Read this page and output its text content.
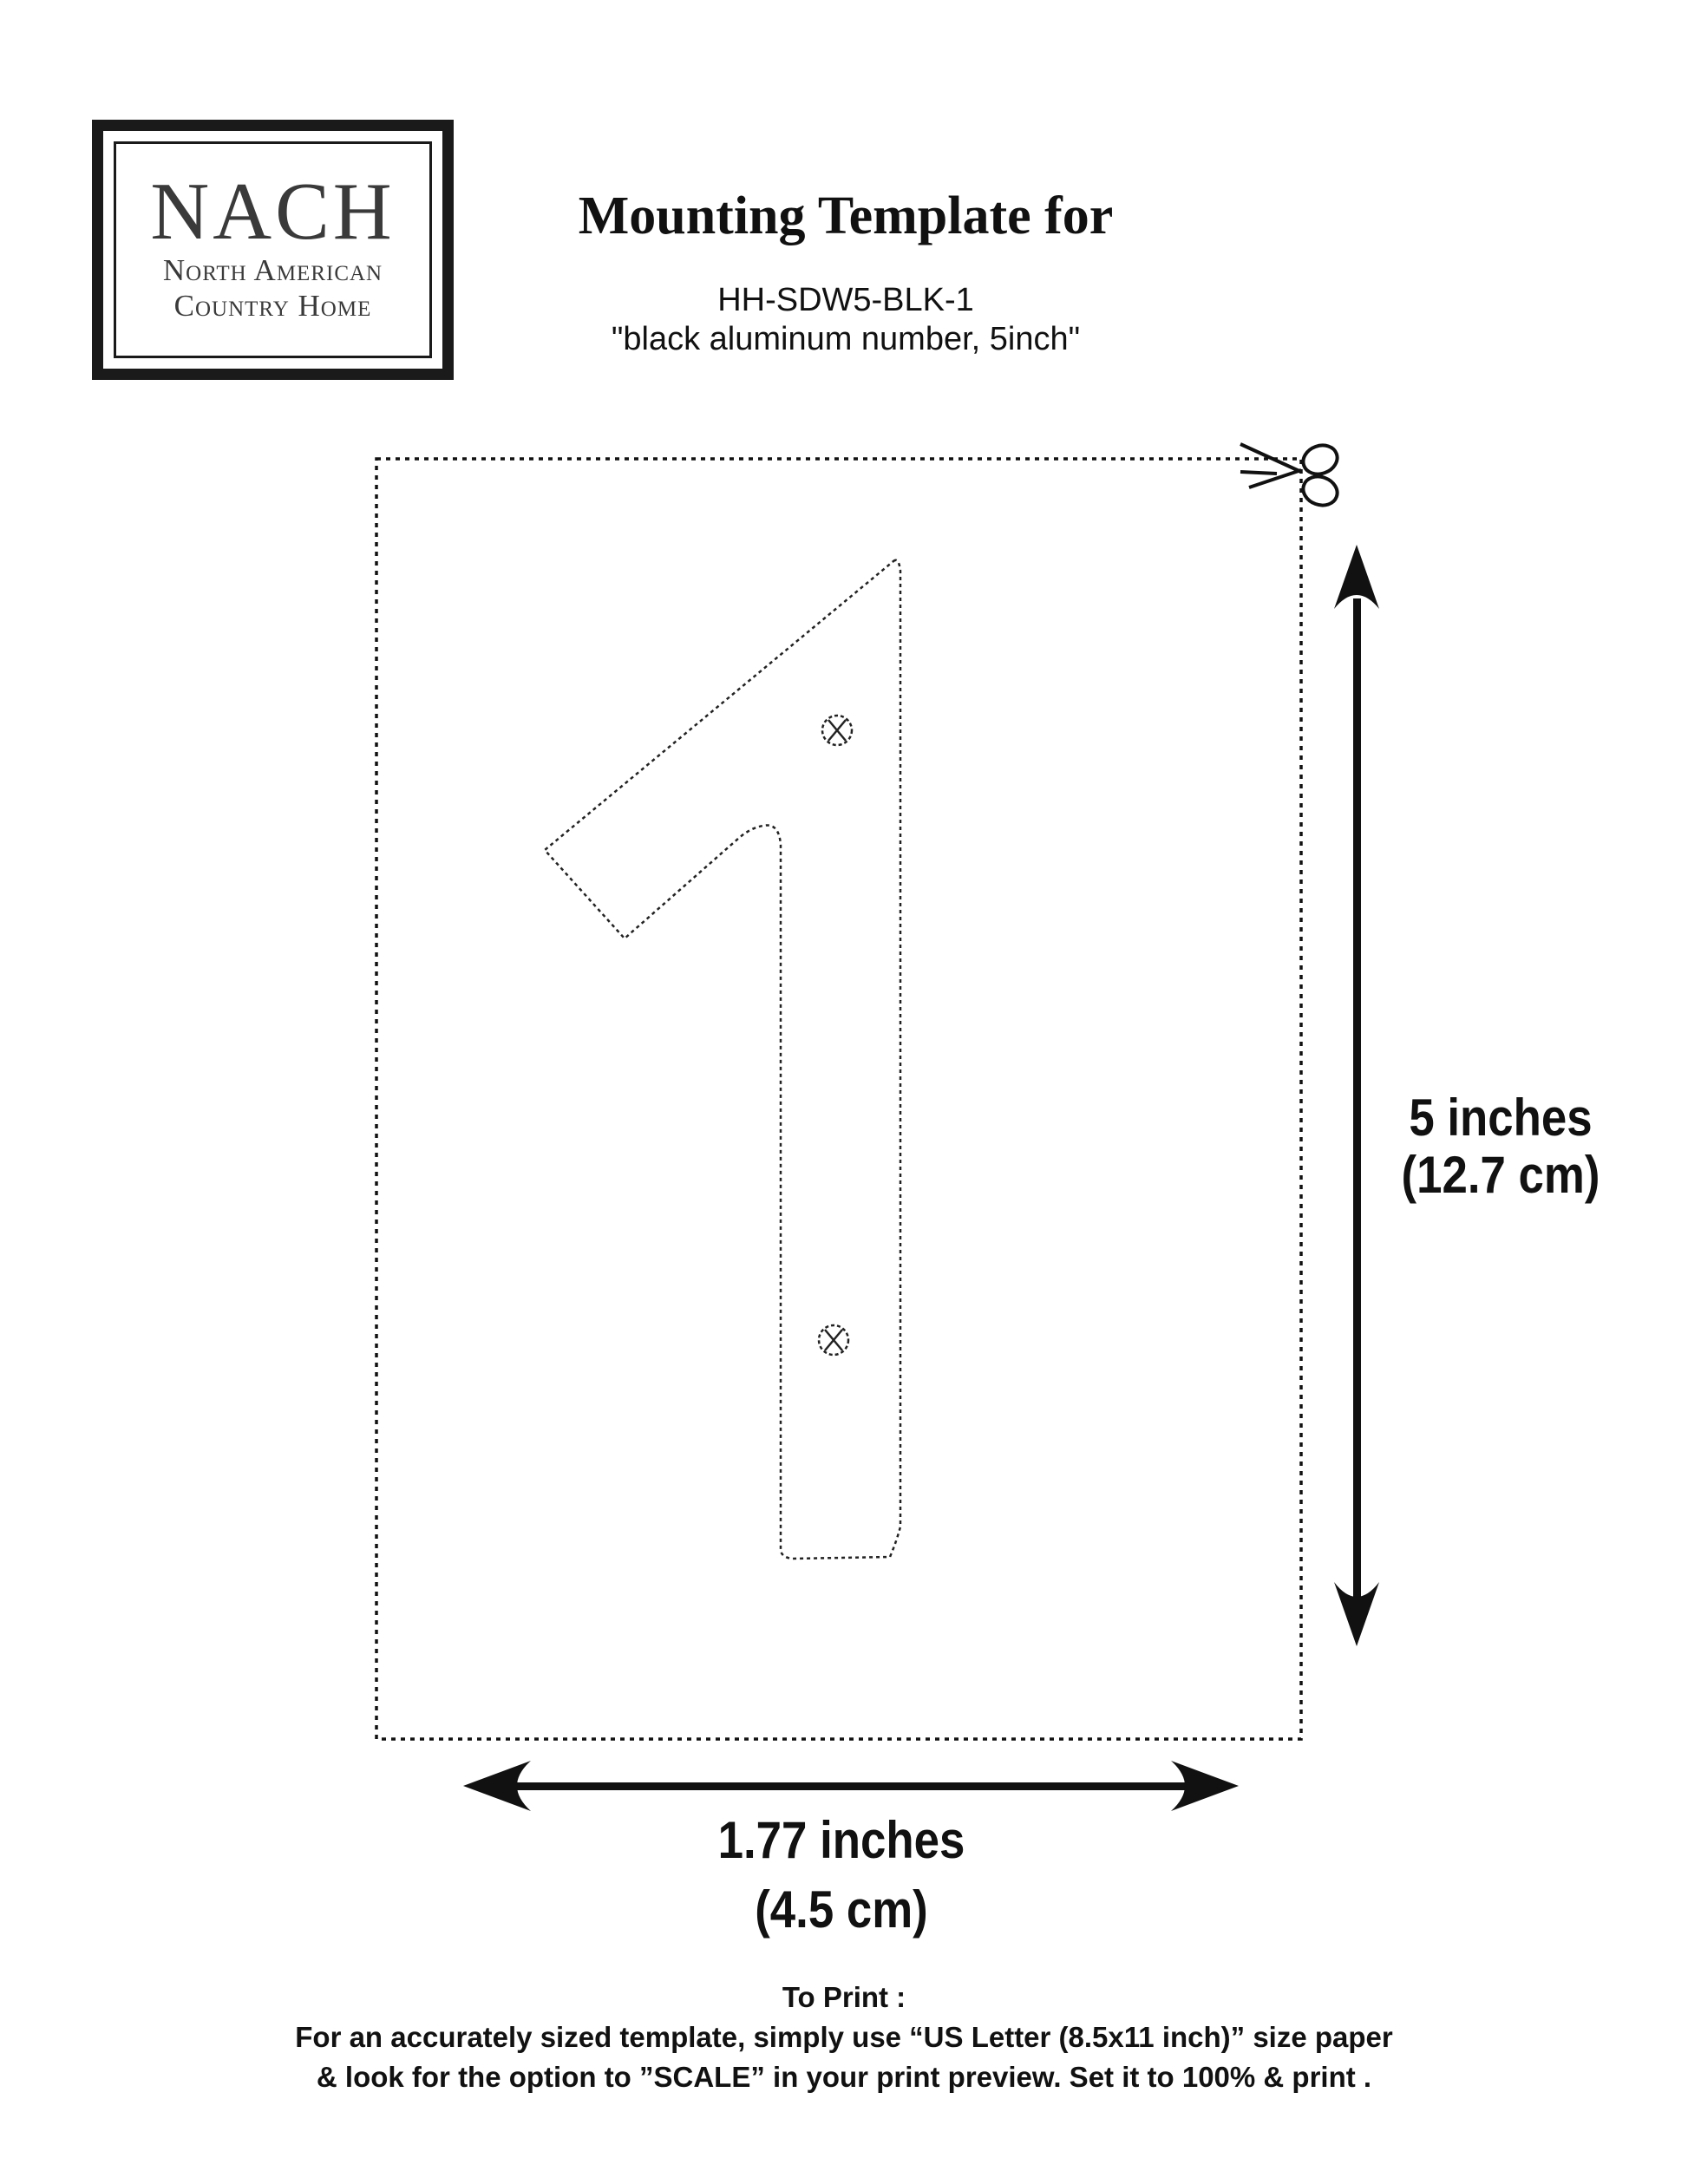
NACH
North American
Country Home
Mounting Template for
HH-SDW5-BLK-1
"black aluminum number, 5inch"
5 inches
(12.7 cm)
1.77 inches
(4.5 cm)
To Print :
For an accurately sized template, simply use “US Letter (8.5x11 inch)” size paper
& look for the option to ”SCALE” in your print preview. Set it to 100% & print .
